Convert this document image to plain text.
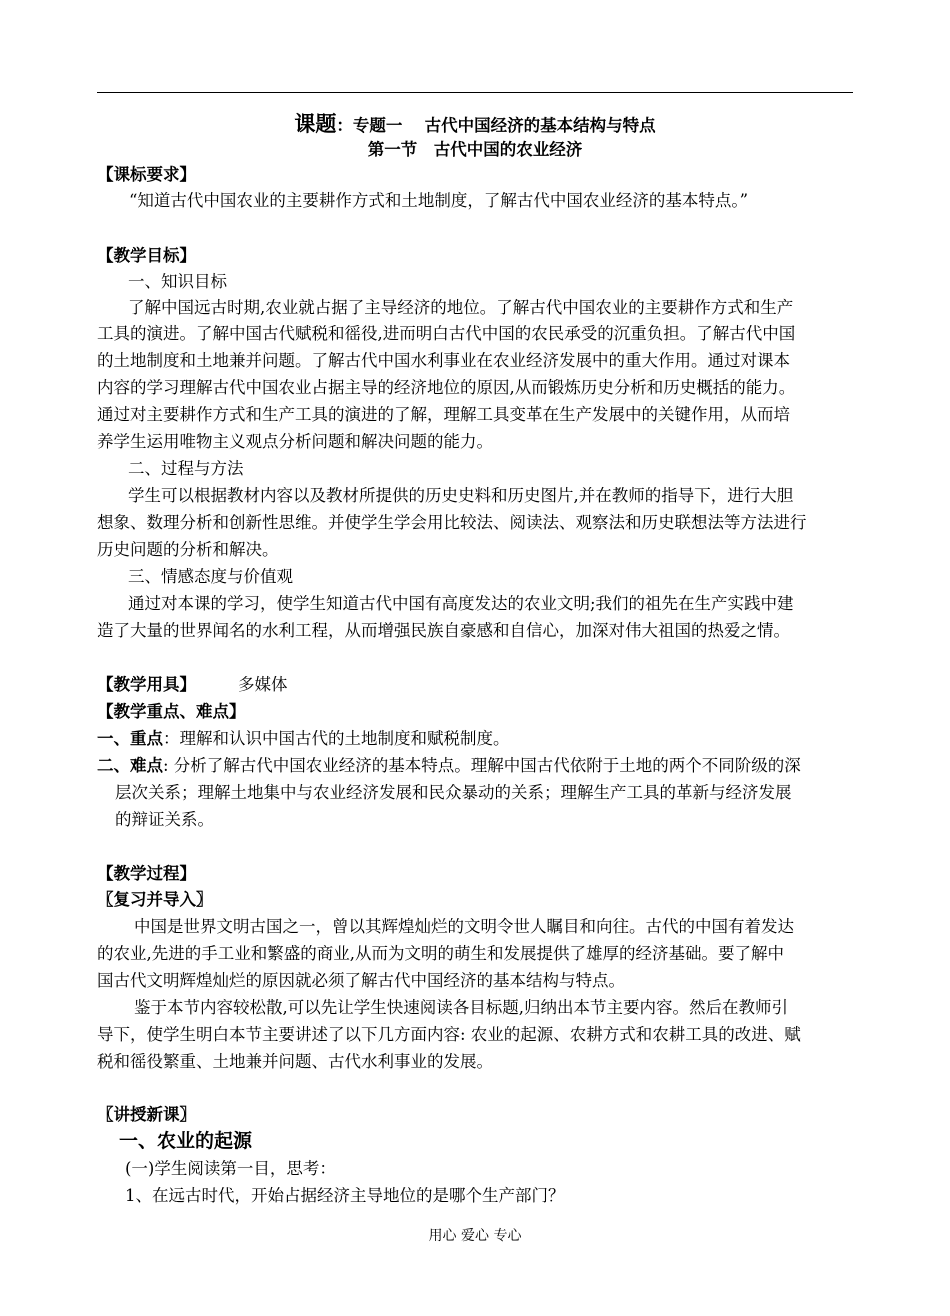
课题：专题一　 古代中国经济的基本结构与特点
第一节　古代中国的农业经济
【课标要求】
“知道古代中国农业的主要耕作方式和土地制度，了解古代中国农业经济的基本特点。”
【教学目标】
一、知识目标
了解中国远古时期,农业就占据了主导经济的地位。了解古代中国农业的主要耕作方式和生产
工具的演进。了解中国古代赋税和徭役,进而明白古代中国的农民承受的沉重负担。了解古代中国
的土地制度和土地兼并问题。了解古代中国水利事业在农业经济发展中的重大作用。通过对课本
内容的学习理解古代中国农业占据主导的经济地位的原因,从而锻炼历史分析和历史概括的能力。
通过对主要耕作方式和生产工具的演进的了解，理解工具变革在生产发展中的关键作用，从而培
养学生运用唯物主义观点分析问题和解决问题的能力。
二、过程与方法
学生可以根据教材内容以及教材所提供的历史史料和历史图片,并在教师的指导下，进行大胆
想象、数理分析和创新性思维。并使学生学会用比较法、阅读法、观察法和历史联想法等方法进行
历史问题的分析和解决。
三、情感态度与价值观
通过对本课的学习，使学生知道古代中国有高度发达的农业文明;我们的祖先在生产实践中建
造了大量的世界闻名的水利工程，从而增强民族自豪感和自信心，加深对伟大祖国的热爱之情。
【教学用具】	多媒体
【教学重点、难点】
一、重点：理解和认识中国古代的土地制度和赋税制度。
二、难点: 分析了解古代中国农业经济的基本特点。理解中国古代依附于土地的两个不同阶级的深
层次关系；理解土地集中与农业经济发展和民众暴动的关系；理解生产工具的革新与经济发展
的辩证关系。
【教学过程】
〖复习并导入〗
中国是世界文明古国之一，曾以其辉煌灿烂的文明令世人瞩目和向往。古代的中国有着发达
的农业,先进的手工业和繁盛的商业,从而为文明的萌生和发展提供了雄厚的经济基础。要了解中
国古代文明辉煌灿烂的原因就必须了解古代中国经济的基本结构与特点。
鉴于本节内容较松散,可以先让学生快速阅读各目标题,归纳出本节主要内容。然后在教师引
导下，使学生明白本节主要讲述了以下几方面内容: 农业的起源、农耕方式和农耕工具的改进、赋
税和徭役繁重、土地兼并问题、古代水利事业的发展。
〖讲授新课〗
一、农业的起源
(一)学生阅读第一目，思考：
1、在远古时代，开始占据经济主导地位的是哪个生产部门？
用心 爱心 专心
